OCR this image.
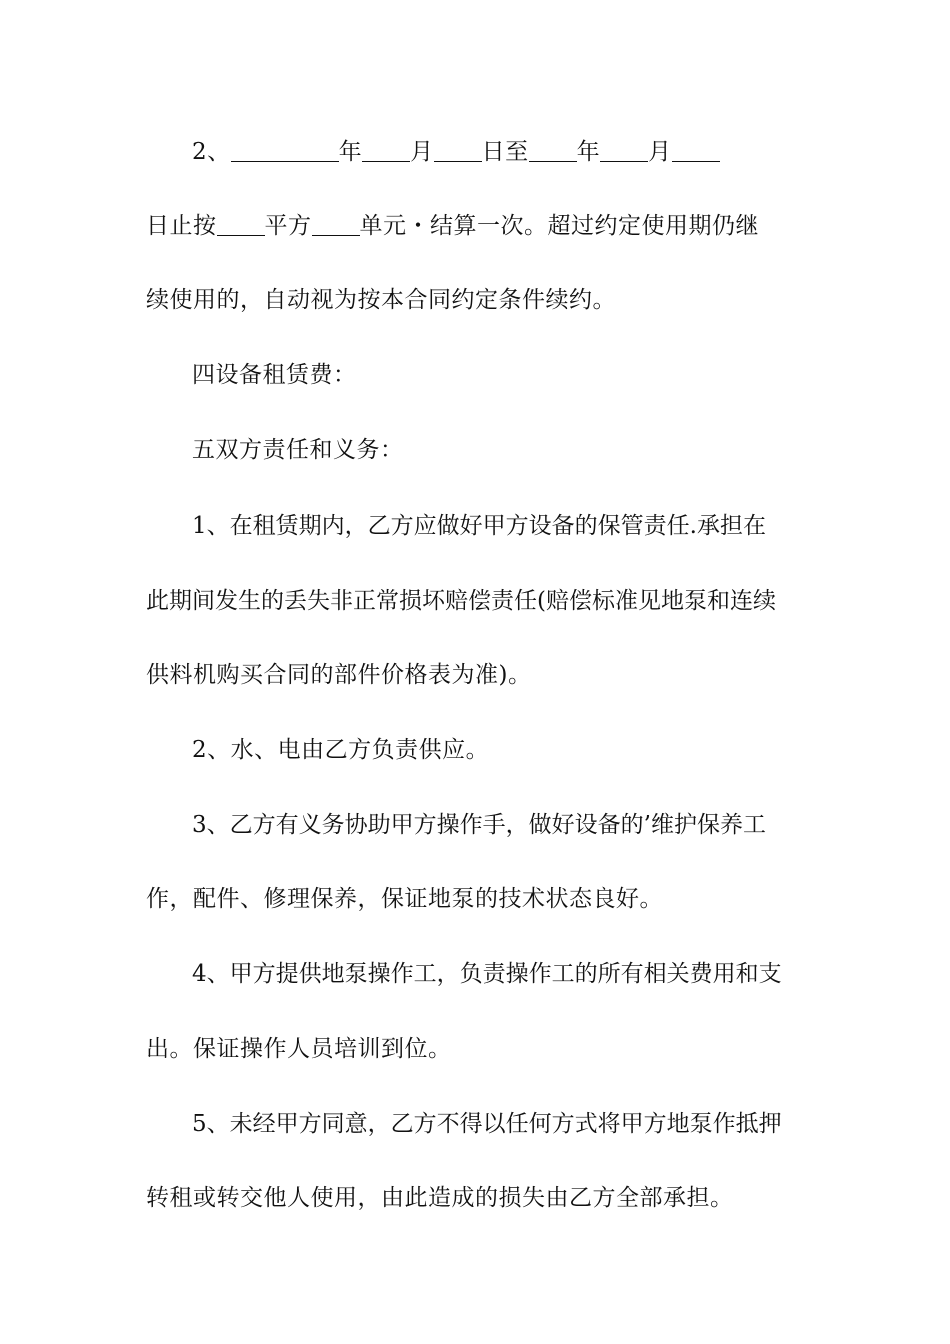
2、	年 月 日至 年 月
日止按 平方 单元・结算一次。超过约定使用期仍继
续使用的，自动视为按本合同约定条件续约。
四设备租赁费：
五双方责任和义务：
1、在租赁期内，乙方应做好甲方设备的保管责任.承担在
此期间发生的丢失非正常损坏赔偿责任(赔偿标准见地泵和连续
供料机购买合同的部件价格表为准)。
2、水、电由乙方负责供应。
3、乙方有义务协助甲方操作手，做好设备的’维护保养工
作，配件、修理保养，保证地泵的技术状态良好。
4、甲方提供地泵操作工，负责操作工的所有相关费用和支
出。保证操作人员培训到位。
5、未经甲方同意，乙方不得以任何方式将甲方地泵作抵押
转租或转交他人使用，由此造成的损失由乙方全部承担。
